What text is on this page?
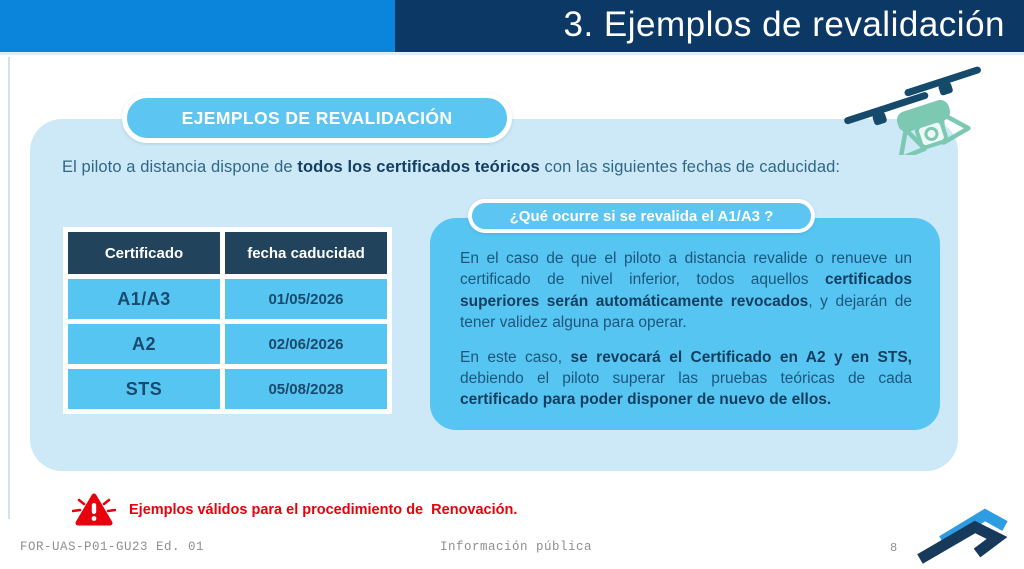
3. Ejemplos de revalidación
EJEMPLOS DE REVALIDACIÓN

El piloto a distancia dispone de todos los certificados teóricos con las siguientes fechas de caducidad:

Certificado	fecha caducidad
A1/A3	01/05/2026
A2	02/06/2026
STS	05/08/2028
¿Qué ocurre si se revalida el A1/A3 ?

En el caso de que el piloto a distancia revalide o renueve un certificado de nivel inferior, todos aquellos certificados superiores serán automáticamente revocados, y dejarán de tener validez alguna para operar.

En este caso, se revocará el Certificado en A2 y en STS, debiendo el piloto superar las pruebas teóricas de cada certificado para poder disponer de nuevo de ellos.

Ejemplos válidos para el procedimiento de  Renovación.
FOR-UAS-P01-GU23 Ed. 01	Información pública	8
